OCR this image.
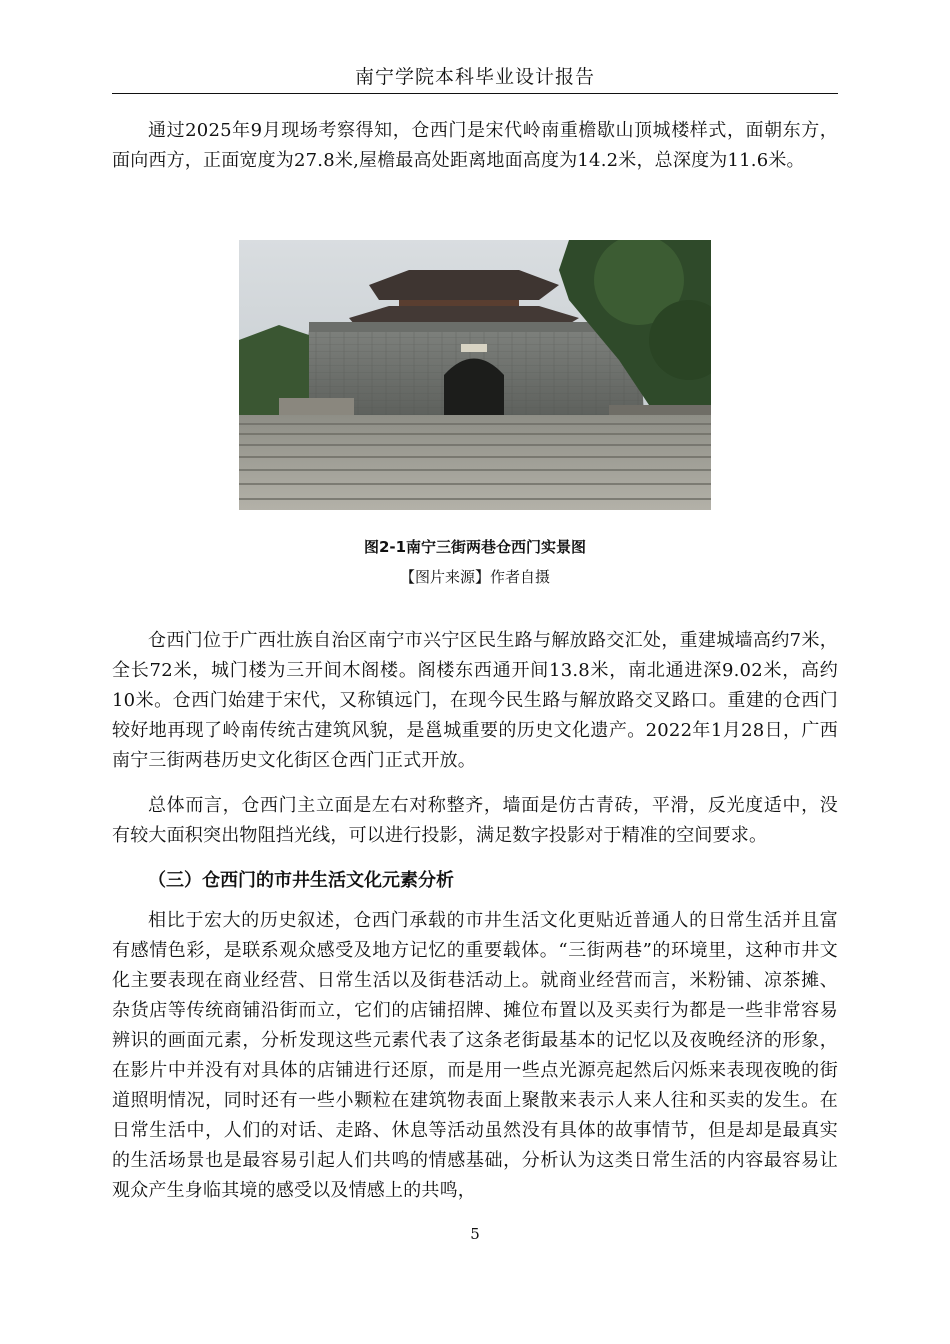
南宁学院本科毕业设计报告

通过2025年9月现场考察得知，仓西门是宋代岭南重檐歇山顶城楼样式，面朝东方，面向西方，正面宽度为27.8米,屋檐最高处距离地面高度为14.2米，总深度为11.6米。

图2-1南宁三街两巷仓西门实景图
【图片来源】作者自摄

仓西门位于广西壮族自治区南宁市兴宁区民生路与解放路交汇处，重建城墙高约7米，全长72米，城门楼为三开间木阁楼。阁楼东西通开间13.8米，南北通进深9.02米，高约10米。仓西门始建于宋代，又称镇远门，在现今民生路与解放路交叉路口。重建的仓西门较好地再现了岭南传统古建筑风貌，是邕城重要的历史文化遗产。2022年1月28日，广西南宁三街两巷历史文化街区仓西门正式开放。

总体而言，仓西门主立面是左右对称整齐，墙面是仿古青砖，平滑，反光度适中，没有较大面积突出物阻挡光线，可以进行投影，满足数字投影对于精准的空间要求。

（三）仓西门的市井生活文化元素分析

相比于宏大的历史叙述，仓西门承载的市井生活文化更贴近普通人的日常生活并且富有感情色彩，是联系观众感受及地方记忆的重要载体。“三街两巷”的环境里，这种市井文化主要表现在商业经营、日常生活以及街巷活动上。就商业经营而言，米粉铺、凉茶摊、杂货店等传统商铺沿街而立，它们的店铺招牌、摊位布置以及买卖行为都是一些非常容易辨识的画面元素，分析发现这些元素代表了这条老街最基本的记忆以及夜晚经济的形象，在影片中并没有对具体的店铺进行还原，而是用一些点光源亮起然后闪烁来表现夜晚的街道照明情况，同时还有一些小颗粒在建筑物表面上聚散来表示人来人往和买卖的发生。在日常生活中，人们的对话、走路、休息等活动虽然没有具体的故事情节，但是却是最真实的生活场景也是最容易引起人们共鸣的情感基础，分析认为这类日常生活的内容最容易让观众产生身临其境的感受以及情感上的共鸣，

5
